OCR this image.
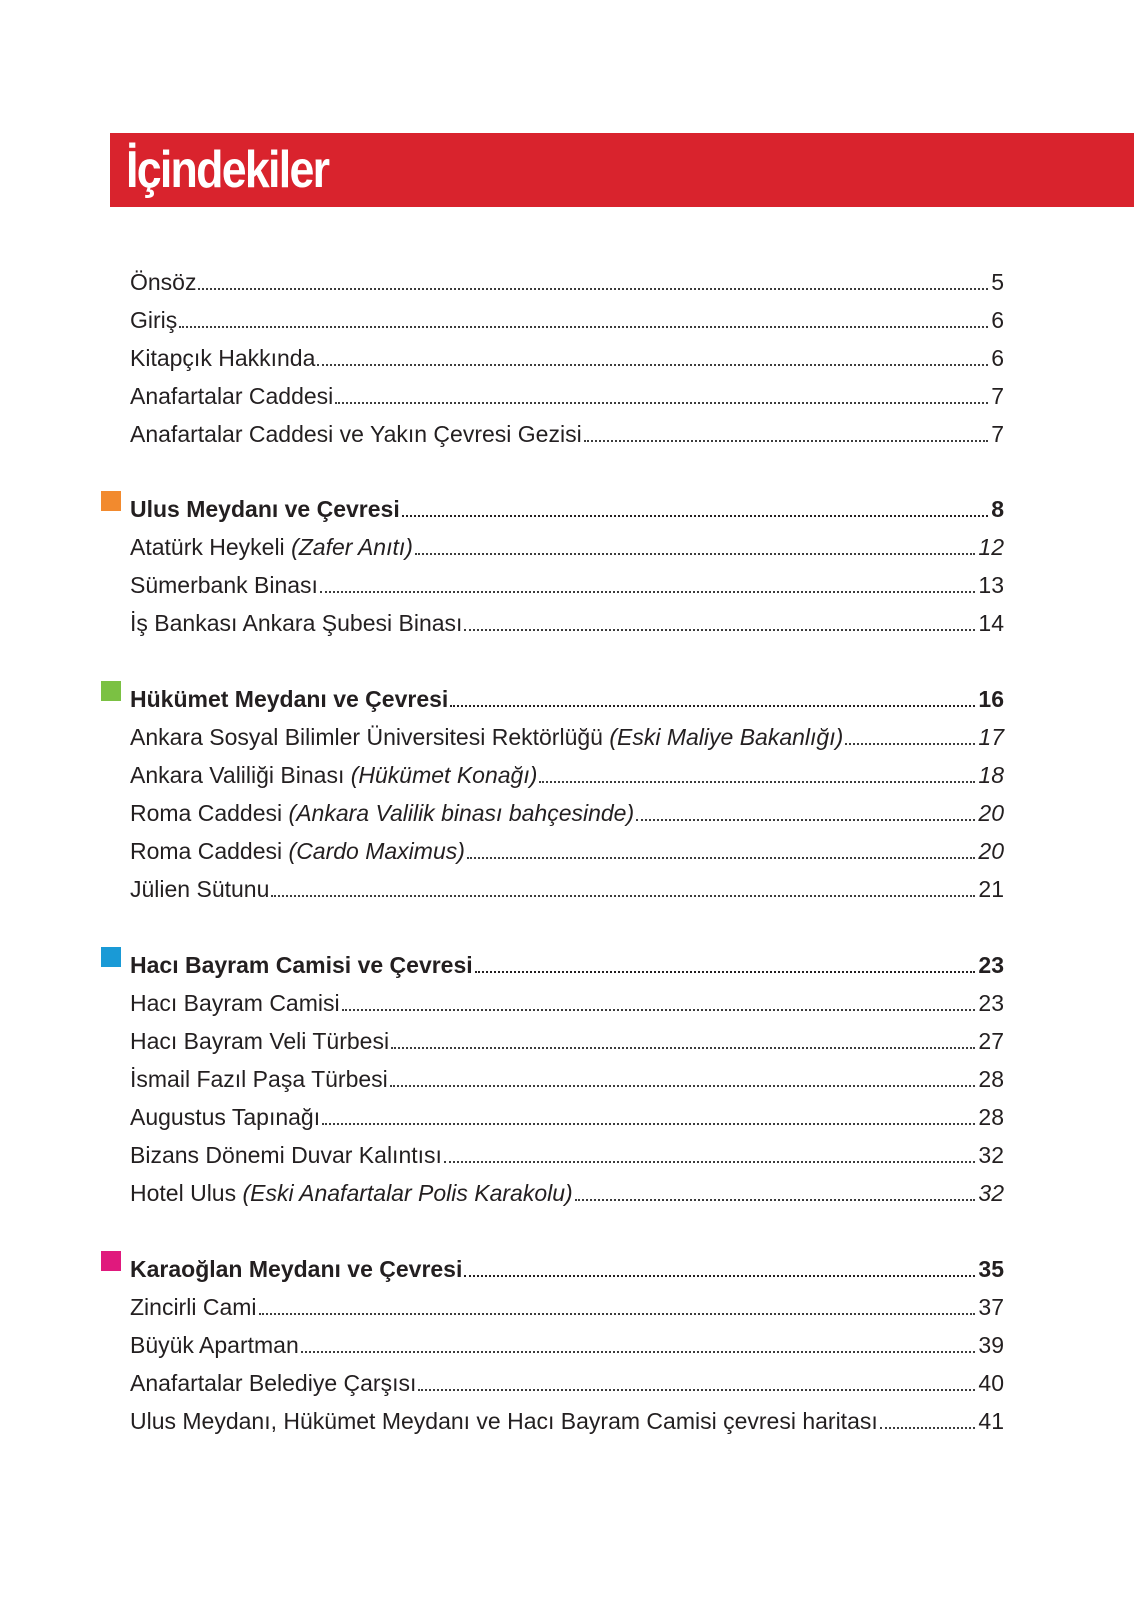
İçindekiler
Önsöz	5
Giriş	6
Kitapçık Hakkında	6
Anafartalar Caddesi	7
Anafartalar Caddesi ve Yakın Çevresi Gezisi	7
Ulus Meydanı ve Çevresi	8
Atatürk Heykeli (Zafer Anıtı)	12
Sümerbank Binası	13
İş Bankası Ankara Şubesi Binası	14
Hükümet Meydanı ve Çevresi	16
Ankara Sosyal Bilimler Üniversitesi Rektörlüğü (Eski Maliye Bakanlığı)	17
Ankara Valiliği Binası (Hükümet Konağı)	18
Roma Caddesi (Ankara Valilik binası bahçesinde)	20
Roma Caddesi (Cardo Maximus)	20
Jülien Sütunu	21
Hacı Bayram Camisi ve Çevresi	23
Hacı Bayram Camisi	23
Hacı Bayram Veli Türbesi	27
İsmail Fazıl Paşa Türbesi	28
Augustus Tapınağı	28
Bizans Dönemi Duvar Kalıntısı	32
Hotel Ulus (Eski Anafartalar Polis Karakolu)	32
Karaoğlan Meydanı ve Çevresi	35
Zincirli Cami	37
Büyük Apartman	39
Anafartalar Belediye Çarşısı	40
Ulus Meydanı, Hükümet Meydanı ve Hacı Bayram Camisi çevresi haritası	41
